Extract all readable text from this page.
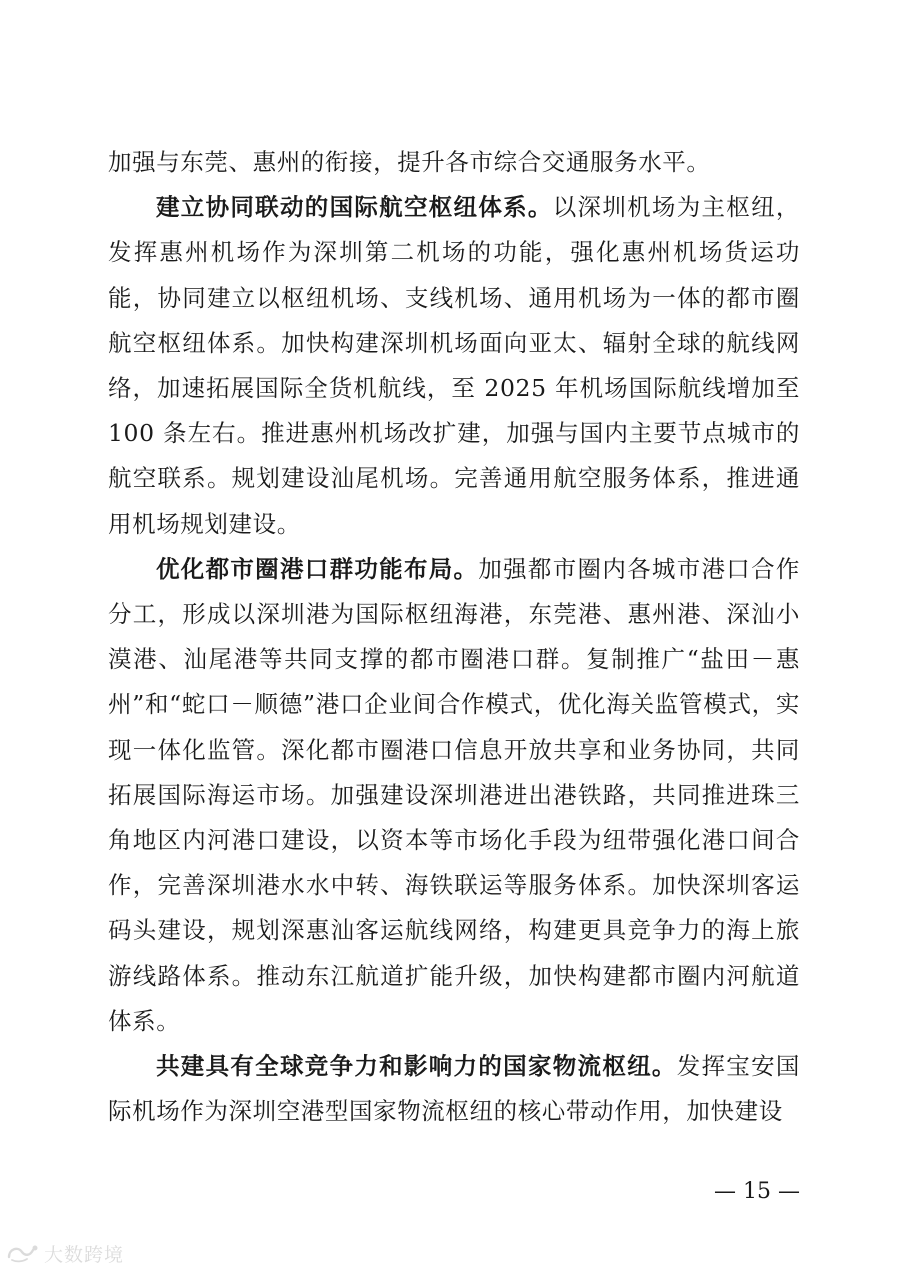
加强与东莞、惠州的衔接，提升各市综合交通服务水平。

建立协同联动的国际航空枢纽体系。以深圳机场为主枢纽，发挥惠州机场作为深圳第二机场的功能，强化惠州机场货运功能，协同建立以枢纽机场、支线机场、通用机场为一体的都市圈航空枢纽体系。加快构建深圳机场面向亚太、辐射全球的航线网络，加速拓展国际全货机航线，至 2025 年机场国际航线增加至 100 条左右。推进惠州机场改扩建，加强与国内主要节点城市的航空联系。规划建设汕尾机场。完善通用航空服务体系，推进通用机场规划建设。

优化都市圈港口群功能布局。加强都市圈内各城市港口合作分工，形成以深圳港为国际枢纽海港，东莞港、惠州港、深汕小漠港、汕尾港等共同支撑的都市圈港口群。复制推广“盐田－惠州”和“蛇口－顺德”港口企业间合作模式，优化海关监管模式，实现一体化监管。深化都市圈港口信息开放共享和业务协同，共同拓展国际海运市场。加强建设深圳港进出港铁路，共同推进珠三角地区内河港口建设，以资本等市场化手段为纽带强化港口间合作，完善深圳港水水中转、海铁联运等服务体系。加快深圳客运码头建设，规划深惠汕客运航线网络，构建更具竞争力的海上旅游线路体系。推动东江航道扩能升级，加快构建都市圈内河航道体系。

共建具有全球竞争力和影响力的国家物流枢纽。发挥宝安国际机场作为深圳空港型国家物流枢纽的核心带动作用，加快建设

— 15 —
大数跨境
